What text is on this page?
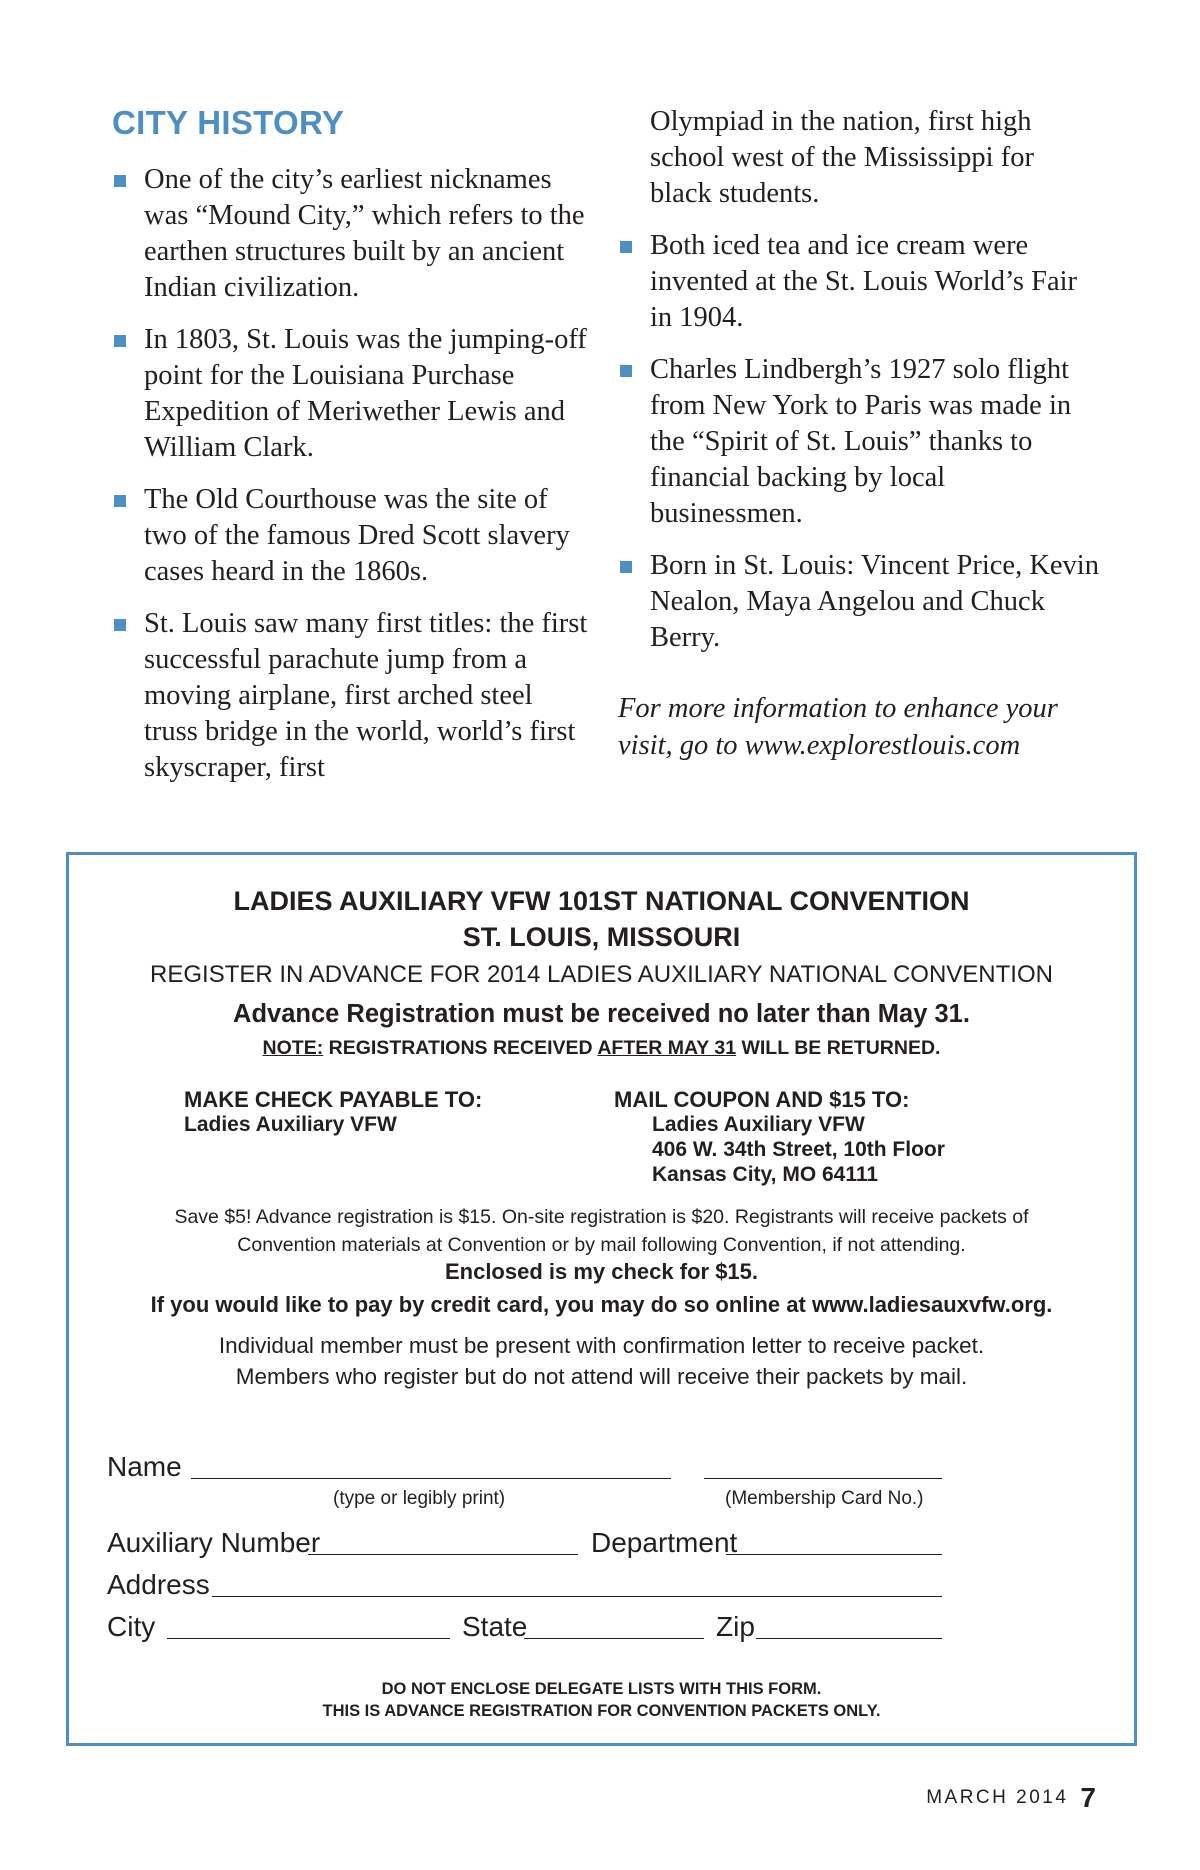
CITY HISTORY
One of the city’s earliest nicknames was “Mound City,” which refers to the earthen structures built by an ancient Indian civilization.
In 1803, St. Louis was the jumping-off point for the Louisiana Purchase Expedition of Meriwether Lewis and William Clark.
The Old Courthouse was the site of two of the famous Dred Scott slavery cases heard in the 1860s.
St. Louis saw many first titles: the first successful parachute jump from a moving airplane, first arched steel truss bridge in the world, world’s first skyscraper, first
Olympiad in the nation, first high school west of the Mississippi for black students.
Both iced tea and ice cream were invented at the St. Louis World’s Fair in 1904.
Charles Lindbergh’s 1927 solo flight from New York to Paris was made in the “Spirit of St. Louis” thanks to financial backing by local businessmen.
Born in St. Louis: Vincent Price, Kevin Nealon, Maya Angelou and Chuck Berry.
For more information to enhance your visit, go to www.explorestlouis.com
LADIES AUXILIARY VFW 101ST NATIONAL CONVENTION
ST. LOUIS, MISSOURI
REGISTER IN ADVANCE FOR 2014 LADIES AUXILIARY NATIONAL CONVENTION
Advance Registration must be received no later than May 31.
NOTE: REGISTRATIONS RECEIVED AFTER MAY 31 WILL BE RETURNED.
MAKE CHECK PAYABLE TO:
Ladies Auxiliary VFW
MAIL COUPON AND $15 TO:
Ladies Auxiliary VFW
406 W. 34th Street, 10th Floor
Kansas City, MO 64111
Save $5! Advance registration is $15. On-site registration is $20. Registrants will receive packets of
Convention materials at Convention or by mail following Convention, if not attending.
Enclosed is my check for $15.
If you would like to pay by credit card, you may do so online at www.ladiesauxvfw.org.
Individual member must be present with confirmation letter to receive packet.
Members who register but do not attend will receive their packets by mail.
Name
(type or legibly print)	(Membership Card No.)
Auxiliary Number	Department
Address
City	State	Zip
DO NOT ENCLOSE DELEGATE LISTS WITH THIS FORM.
THIS IS ADVANCE REGISTRATION FOR CONVENTION PACKETS ONLY.
MARCH 2014 7
